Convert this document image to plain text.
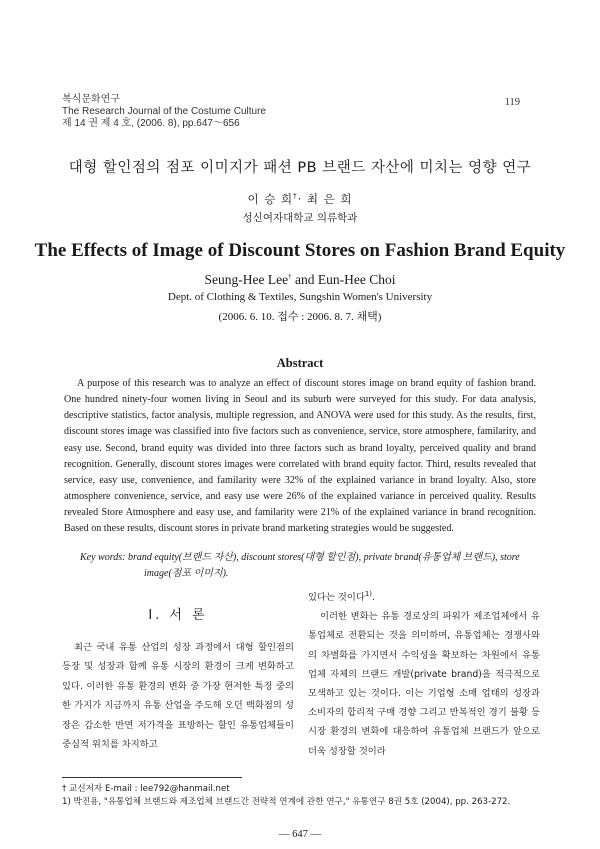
복식문화연구
The Research Journal of the Costume Culture
제 14 권 제 4 호, (2006. 8), pp.647～656
119
대형 할인점의 점포 이미지가 패션 PB 브랜드 자산에 미치는 영향 연구
이 승 희†· 최 은 희
성신여자대학교 의류학과
The Effects of Image of Discount Stores on Fashion Brand Equity
Seung-Hee Lee† and Eun-Hee Choi
Dept. of Clothing & Textiles, Sungshin Women's University
(2006. 6. 10. 접수 : 2006. 8. 7. 채택)
Abstract
A purpose of this research was to analyze an effect of discount stores image on brand equity of fashion brand. One hundred ninety-four women living in Seoul and its suburb were surveyed for this study. For data analysis, descriptive statistics, factor analysis, multiple regression, and ANOVA were used for this study. As the results, first, discount stores image was classified into five factors such as convenience, service, store atmosphere, familarity, and easy use. Second, brand equity was divided into three factors such as brand loyalty, perceived quality and brand recognition. Generally, discount stores images were correlated with brand equity factor. Third, results revealed that service, easy use, convenience, and familarity were 32% of the explained variance in brand loyalty. Also, store atmosphere convenience, service, and easy use were 26% of the explained variance in perceived quality. Results revealed Store Atmosphere and easy use, and familarity were 21% of the explained variance in brand recognition. Based on these results, discount stores in private brand marketing strategies would be suggested.
Key words: brand equity(브랜드 자산), discount stores(대형 할인점), private brand(유통업체 브랜드), store image(점포 이미지).
Ⅰ. 서 론
최근 국내 유통 산업의 성장 과정에서 대형 할인점의 등장 및 성장과 함께 유통 시장의 환경이 크게 변화하고 있다. 이러한 유통 환경의 변화 중 가장 현저한 특징 중의 한 가지가 지금까지 유통 산업을 주도해 오던 백화점의 성장은 감소한 반면 저가격을 표방하는 할인 유통업체들이 중심적 위치를 차지하고
있다는 것이다$^{1)}$.
이러한 변화는 유통 경로상의 파워가 제조업체에서 유통업체로 전환되는 것을 의미하며, 유통업체는 경쟁사와의 차별화를 가지면서 수익성을 확보하는 차원에서 유통업체 자체의 브랜드 개발(private brand)을 적극적으로 모색하고 있는 것이다. 이는 기업형 소매 업태의 성장과 소비자의 합리적 구매 경향 그리고 반복적인 경기 불황 등 시장 환경의 변화에 대응하여 유통업체 브랜드가 앞으로 더욱 성장할 것이라
† 교신저자 E-mail : lee792@hanmail.net
1) 박진용, "유통업체 브랜드와 제조업체 브랜드간 전략적 연계에 관한 연구," 유통연구 8권 5호 (2004), pp. 263-272.
— 647 —
